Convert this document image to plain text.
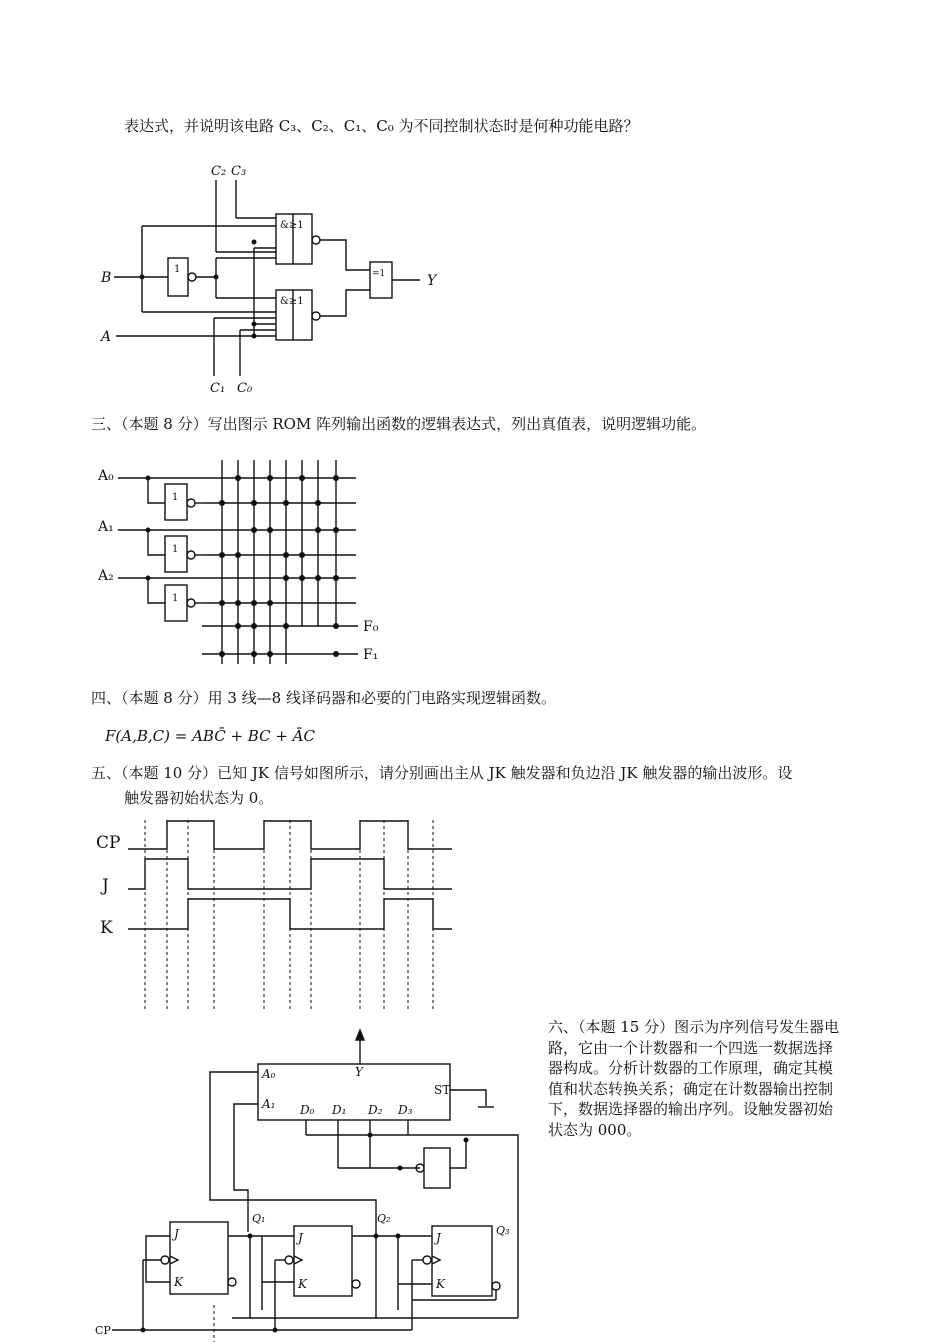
表达式，并说明该电路 C₃、C₂、C₁、C₀ 为不同控制状态时是何种功能电路？
C₂ C₃
B
A
C₁ C₀
Y
&≥1
&≥1
1	=1
三、（本题 8 分）写出图示 ROM 阵列输出函数的逻辑表达式，列出真值表，说明逻辑功能。
A₀
A₁
A₂
F₀
F₁
1
1
1
四、（本题 8 分）用 3 线—8 线译码器和必要的门电路实现逻辑函数。
F(A,B,C) = ABC̄ + BC + ĀC
五、（本题 10 分）已知 JK 信号如图所示，请分别画出主从 JK 触发器和负边沿 JK 触发器的输出波形。设
触发器初始状态为 0。
CP
J
K
六、（本题 15 分）图示为序列信号发生器电
路，它由一个计数器和一个四选一数据选择
器构成。分析计数器的工作原理，确定其模
值和状态转换关系；确定在计数器输出控制
下，数据选择器的输出序列。设触发器初始
状态为 000。
A₀	Y
ST
A₁ D₀ D₁ D₂ D₃
J
K
J
K
J
K
Q₁	Q₂
Q₃
CP
